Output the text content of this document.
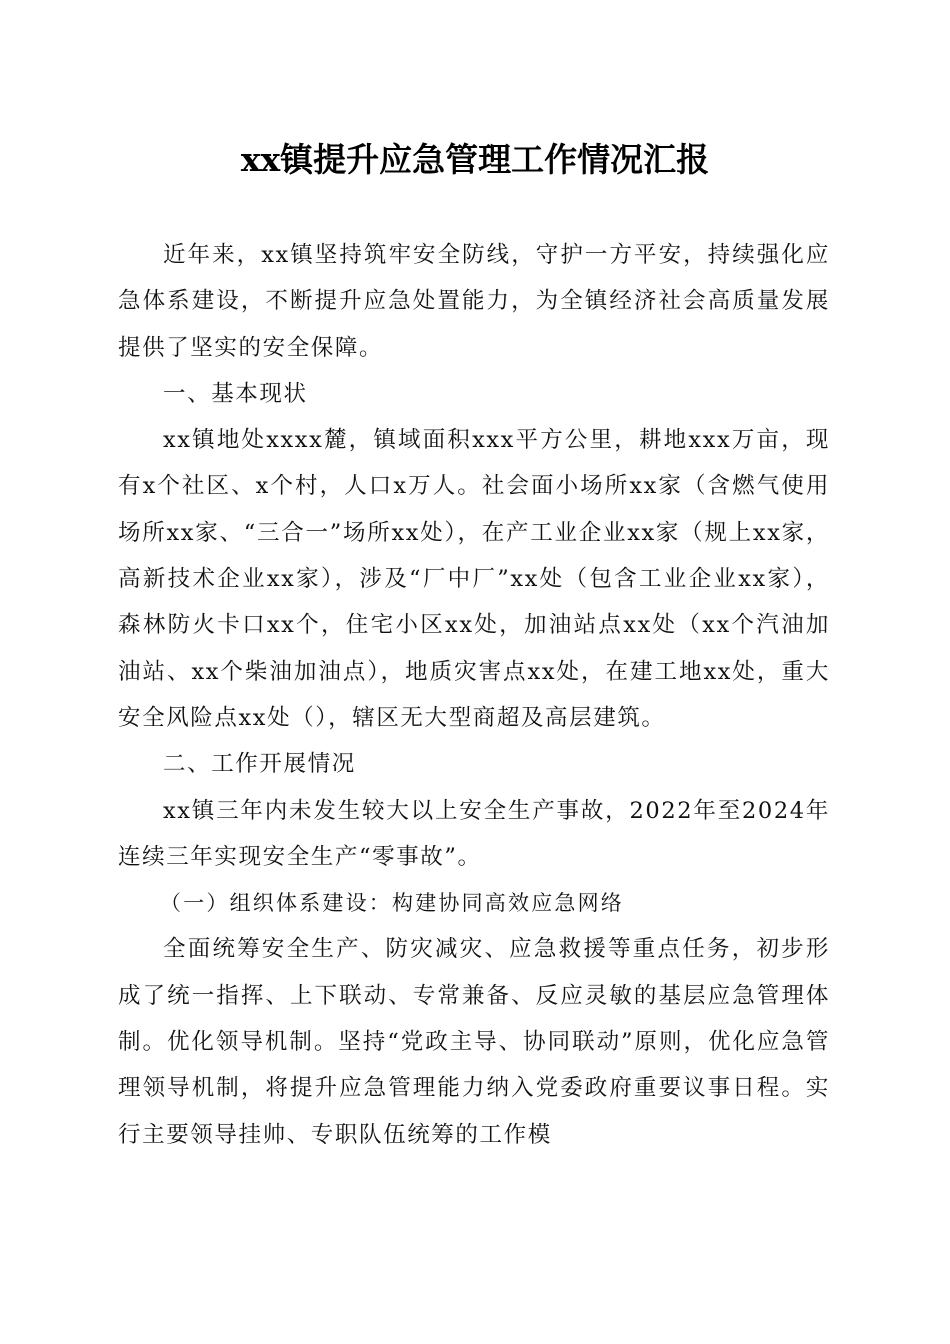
xx镇提升应急管理工作情况汇报

近年来，xx镇坚持筑牢安全防线，守护一方平安，持续强化应急体系建设，不断提升应急处置能力，为全镇经济社会高质量发展提供了坚实的安全保障。

一、基本现状

xx镇地处xxxx麓，镇域面积xxx平方公里，耕地xxx万亩，现有x个社区、x个村，人口x万人。社会面小场所xx家（含燃气使用场所xx家、“三合一”场所xx处），在产工业企业xx家（规上xx家，高新技术企业xx家），涉及“厂中厂”xx处（包含工业企业xx家），森林防火卡口xx个，住宅小区xx处，加油站点xx处（xx个汽油加油站、xx个柴油加油点），地质灾害点xx处，在建工地xx处，重大安全风险点xx处（），辖区无大型商超及高层建筑。

二、工作开展情况

xx镇三年内未发生较大以上安全生产事故，2022年至2024年连续三年实现安全生产“零事故”。

（一）组织体系建设：构建协同高效应急网络

全面统筹安全生产、防灾减灾、应急救援等重点任务，初步形成了统一指挥、上下联动、专常兼备、反应灵敏的基层应急管理体制。优化领导机制。坚持“党政主导、协同联动”原则，优化应急管理领导机制，将提升应急管理能力纳入党委政府重要议事日程。实行主要领导挂帅、专职队伍统筹的工作模
